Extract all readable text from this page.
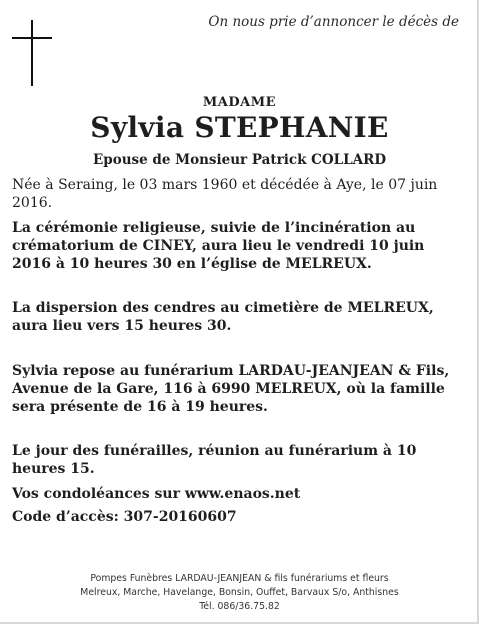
On nous prie d’annoncer le décès de
MADAME
Sylvia STEPHANIE
Epouse de Monsieur Patrick COLLARD
Née à Seraing, le 03 mars 1960 et décédée à Aye, le 07 juin 2016.
La cérémonie religieuse, suivie de l’incinération au crématorium de CINEY, aura lieu le vendredi 10 juin 2016 à 10 heures 30 en l’église de MELREUX.
La dispersion des cendres au cimetière de MELREUX, aura lieu vers 15 heures 30.
Sylvia repose au funérarium LARDAU-JEANJEAN & Fils, Avenue de la Gare, 116 à 6990 MELREUX, où la famille sera présente de 16 à 19 heures.
Le jour des funérailles, réunion au funérarium à 10 heures 15.
Vos condoléances sur www.enaos.net
Code d’accès: 307-20160607
Pompes Funèbres LARDAU-JEANJEAN & fils funérariums et fleurs
Melreux, Marche, Havelange, Bonsin, Ouffet, Barvaux S/o, Anthisnes
Tél. 086/36.75.82
